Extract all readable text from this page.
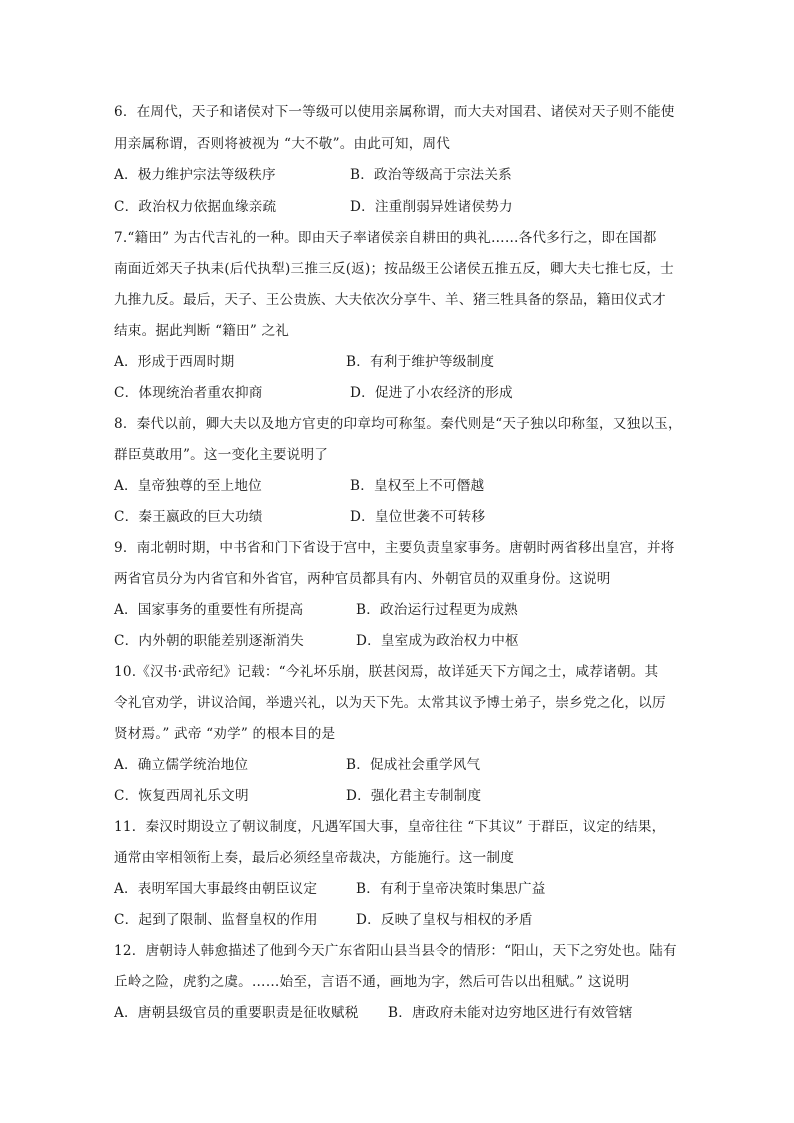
6．在周代，天子和诸侯对下一等级可以使用亲属称谓，而大夫对国君、诸侯对天子则不能使
用亲属称谓，否则将被视为 “大不敬”。由此可知，周代
A．极力维护宗法等级秩序	B．政治等级高于宗法关系
C．政治权力依据血缘亲疏	D．注重削弱异姓诸侯势力
7.“籍田” 为古代吉礼的一种。即由天子率诸侯亲自耕田的典礼……各代多行之，即在国都
南面近郊天子执耒(后代执犁)三推三反(返)；按品级王公诸侯五推五反，卿大夫七推七反，士
九推九反。最后，天子、王公贵族、大夫依次分享牛、羊、猪三牲具备的祭品，籍田仪式才
结束。据此判断 “籍田” 之礼
A．形成于西周时期	B．有利于维护等级制度
C．体现统治者重农抑商	D．促进了小农经济的形成
8．秦代以前，卿大夫以及地方官吏的印章均可称玺。秦代则是“天子独以印称玺，又独以玉，
群臣莫敢用”。这一变化主要说明了
A．皇帝独尊的至上地位	B．皇权至上不可僭越
C．秦王嬴政的巨大功绩	D．皇位世袭不可转移
9．南北朝时期，中书省和门下省设于宫中，主要负责皇家事务。唐朝时两省移出皇宫，并将
两省官员分为内省官和外省官，两种官员都具有内、外朝官员的双重身份。这说明
A．国家事务的重要性有所提高	B．政治运行过程更为成熟
C．内外朝的职能差别逐渐消失	D．皇室成为政治权力中枢
10.《汉书·武帝纪》记载：“今礼坏乐崩，朕甚闵焉，故详延天下方闻之士，咸荐诸朝。其
令礼官劝学，讲议洽闻，举遗兴礼，以为天下先。太常其议予博士弟子，崇乡党之化，以厉
贤材焉。” 武帝 “劝学” 的根本目的是
A．确立儒学统治地位	B．促成社会重学风气
C．恢复西周礼乐文明	D．强化君主专制制度
11．秦汉时期设立了朝议制度，凡遇军国大事，皇帝往往 “下其议” 于群臣，议定的结果，
通常由宰相领衔上奏，最后必须经皇帝裁决，方能施行。这一制度
A．表明军国大事最终由朝臣议定	B．有利于皇帝决策时集思广益
C．起到了限制、监督皇权的作用	D．反映了皇权与相权的矛盾
12．唐朝诗人韩愈描述了他到今天广东省阳山县当县令的情形：“阳山，天下之穷处也。陆有
丘岭之险，虎豹之虞。……始至，言语不通，画地为字，然后可告以出租赋。” 这说明
A．唐朝县级官员的重要职责是征收赋税 B．唐政府未能对边穷地区进行有效管辖
